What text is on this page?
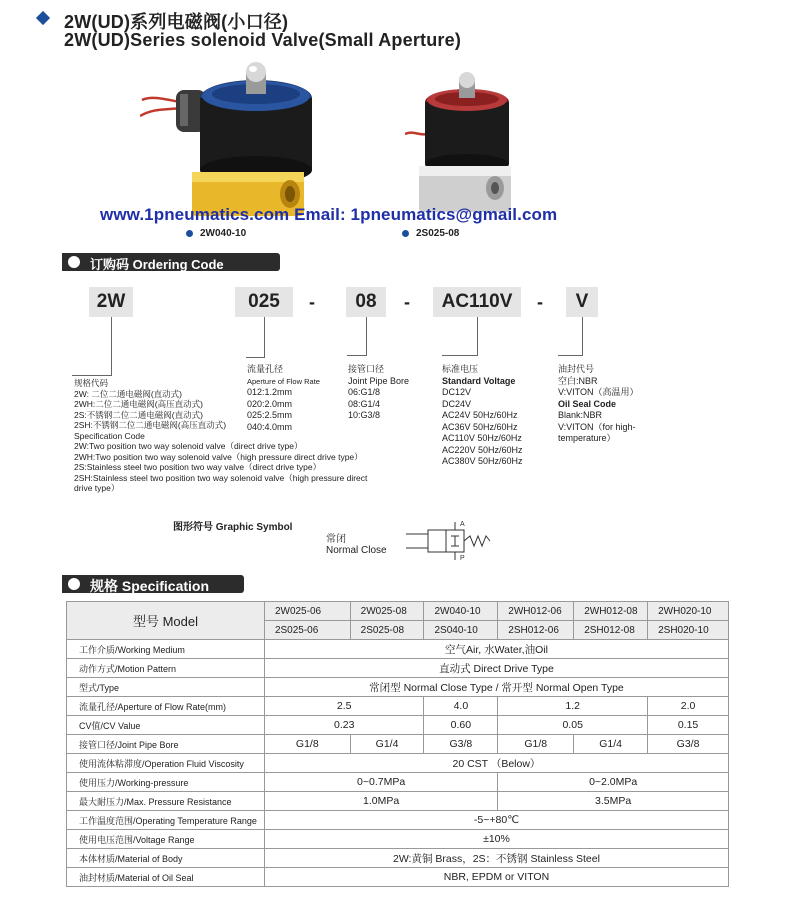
2W(UD)系列电磁阀(小口径)
2W(UD)Series solenoid Valve(Small Aperture)
www.1pneumatics.com Email: 1pneumatics@gmail.com
2W040-10	2S025-08
订购码 Ordering Code
2W	025	-	08	-	AC110V	-	V
规格代码
2W: 二位二通电磁阀(直动式)
2WH:二位二通电磁阀(高压直动式)
2S:不锈钢二位二通电磁阀(直动式)
2SH:不锈钢二位二通电磁阀(高压直动式)
Specification Code
2W:Two position two way solenoid valve（direct drive type）
2WH:Two position two way solenoid valve（high pressure direct drive type）
2S:Stainless steel two position two way valve（direct drive type）
2SH:Stainless steel two position two way solenoid valve（high pressure direct
drive type）
流量孔径
Aperture of Flow Rate
012:1.2mm
020:2.0mm
025:2.5mm
040:4.0mm
接管口径
Joint Pipe Bore
06:G1/8
08:G1/4
10:G3/8
标准电压
Standard Voltage
DC12V
DC24V
AC24V 50Hz/60Hz
AC36V 50Hz/60Hz
AC110V 50Hz/60Hz
AC220V 50Hz/60Hz
AC380V 50Hz/60Hz
油封代号
空白:NBR
V:VITON（高温用）
Oil Seal Code
Blank:NBR
V:VITON（for high-
temperature）
图形符号 Graphic Symbol
常闭
Normal Close
A
P
规格 Specification
型号 Model	2W025-06	2W025-08	2W040-10	2WH012-06	2WH012-08	2WH020-10
	2S025-06	2S025-08	2S040-10	2SH012-06	2SH012-08	2SH020-10
工作介质/Working Medium	空气Air, 水Water,油Oil					
动作方式/Motion Pattern	直动式 Direct Drive Type					
型式/Type	常闭型 Normal Close Type / 常开型 Normal Open Type					
流量孔径/Aperture of Flow Rate(mm)	2.5		4.0	1.2		2.0
CV值/CV Value	0.23		0.60	0.05		0.15
接管口径/Joint Pipe Bore	G1/8	G1/4	G3/8	G1/8	G1/4	G3/8
使用流体粘滞度/Operation Fluid Viscosity	20 CST （Below）					
使用压力/Working-pressure	0~0.7MPa			0~2.0MPa		
最大耐压力/Max. Pressure Resistance	1.0MPa			3.5MPa		
工作温度范围/Operating Temperature Range	-5~+80℃					
使用电压范围/Voltage Range	±10%					
本体材质/Material of Body	2W:黄铜 Brass，2S：不锈钢 Stainless Steel					
油封材质/Material of Oil Seal	NBR, EPDM or VITON					
